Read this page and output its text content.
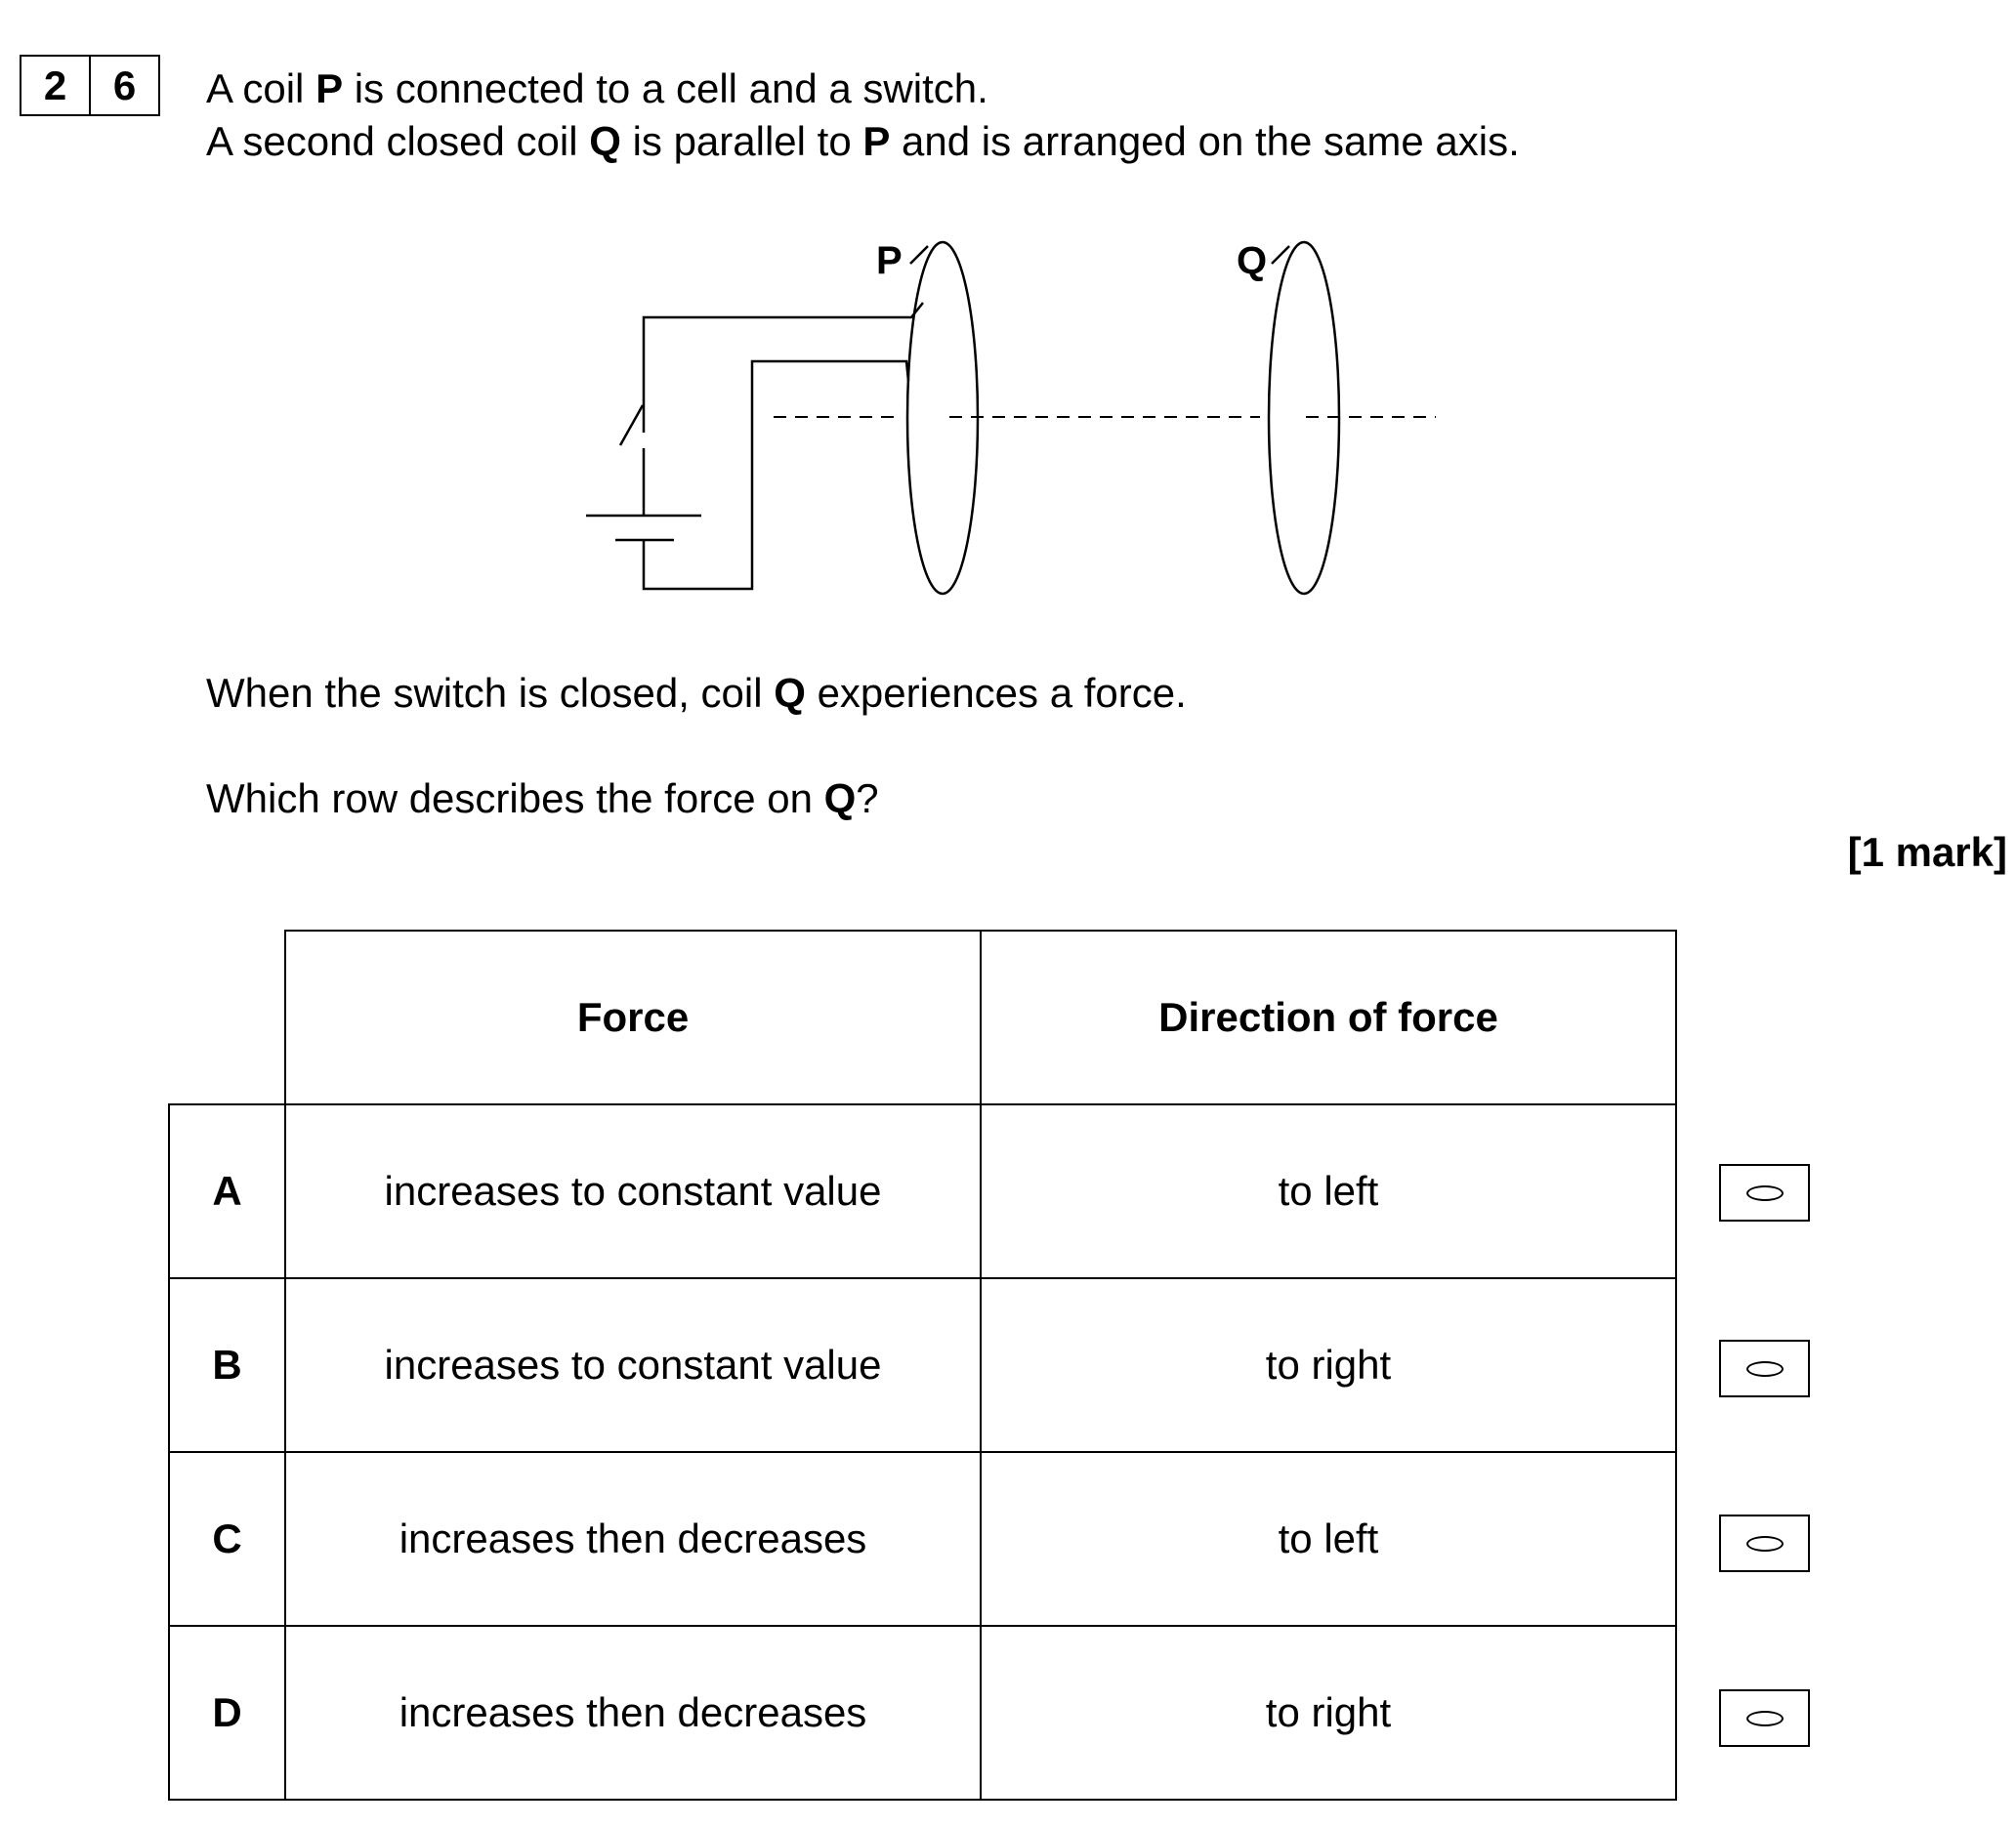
2	6	A coil P is connected to a cell and a switch.
A second closed coil Q is parallel to P and is arranged on the same axis.
P	Q
When the switch is closed, coil Q experiences a force.
Which row describes the force on Q?
[1 mark]
	Force	Direction of force
A	increases to constant value	to left
B	increases to constant value	to right
C	increases then decreases	to left
D	increases then decreases	to right
